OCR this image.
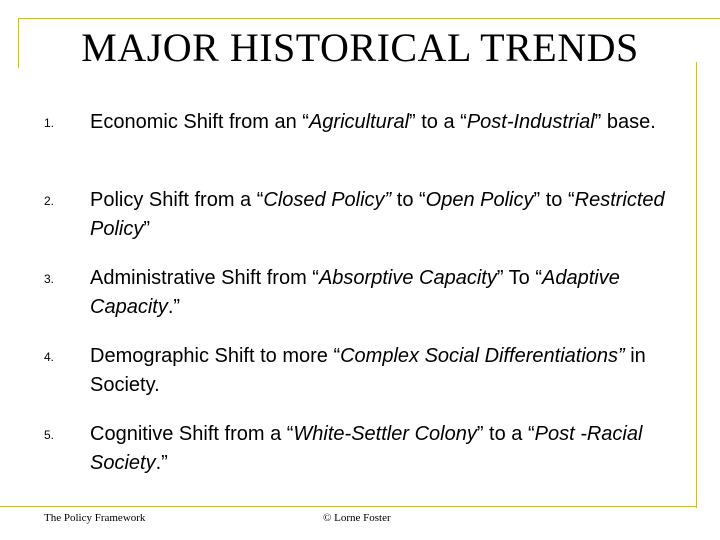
MAJOR HISTORICAL TRENDS
1. Economic Shift from an “Agricultural” to a “Post-Industrial” base.
2. Policy Shift from a “Closed Policy” to “Open Policy” to “Restricted Policy”
3. Administrative Shift from “Absorptive Capacity” To “Adaptive Capacity.”
4. Demographic Shift to more “Complex Social Differentiations” in Society.
5. Cognitive Shift from a “White-Settler Colony” to a “Post -Racial Society.”
The Policy Framework	© Lorne Foster
